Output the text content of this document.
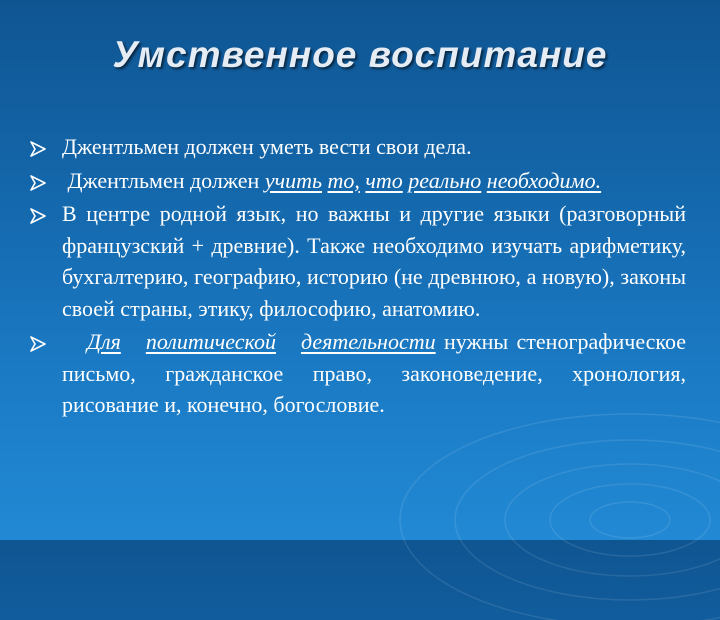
Умственное воспитание
Джентльмен должен уметь вести свои дела.
Джентльмен должен учить то, что реально необходимо.
В центре родной язык, но важны и другие языки (разговорный французский + древние). Также необходимо изучать арифметику, бухгалтерию, географию, историю (не древнюю, а новую), законы своей страны, этику, философию, анатомию.
Для политической деятельности нужны стенографическое письмо, гражданское право, законоведение, хронология, рисование и, конечно, богословие.
